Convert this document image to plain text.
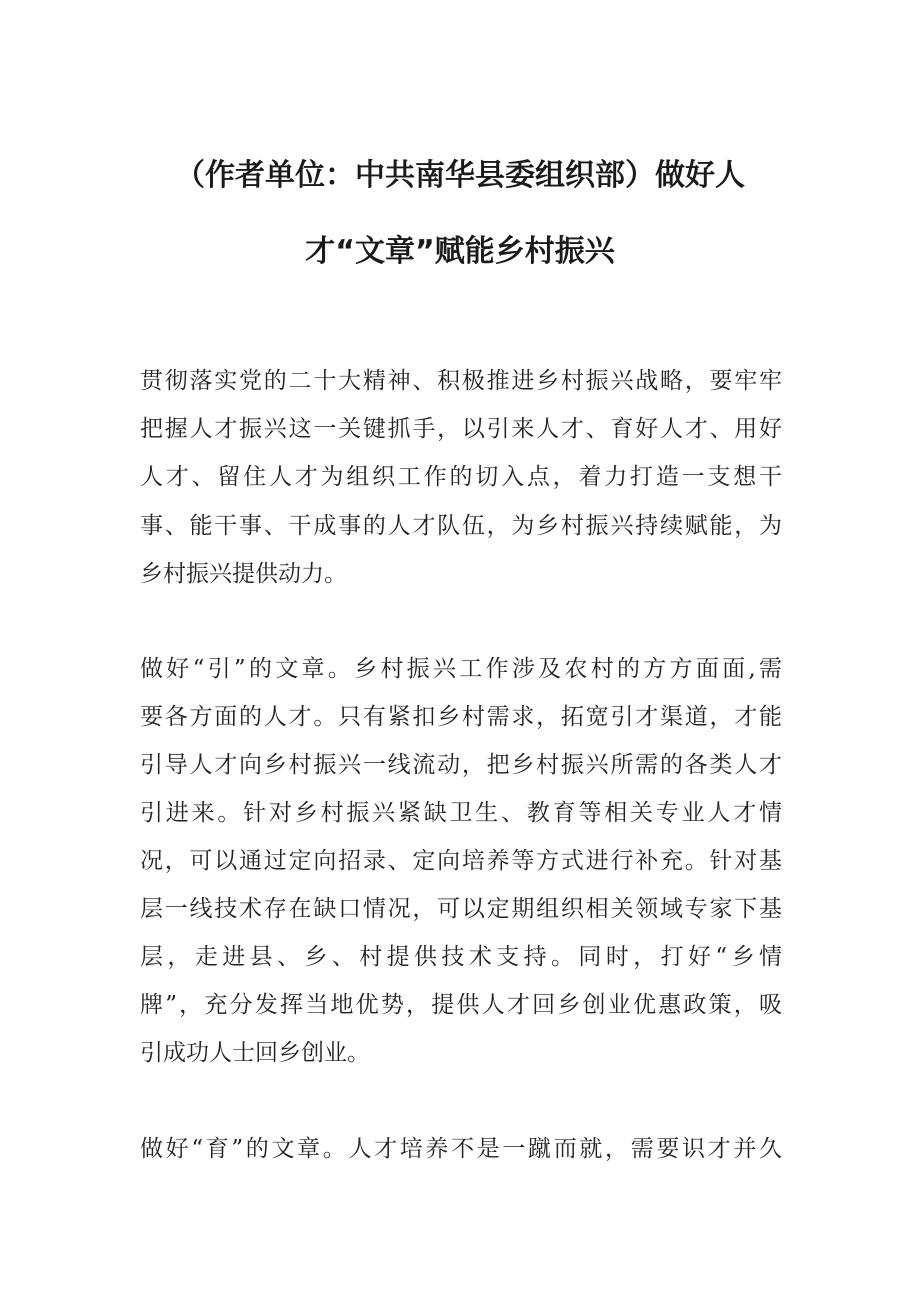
（作者单位：中共南华县委组织部）做好人
才“文章”赋能乡村振兴
贯彻落实党的二十大精神、积极推进乡村振兴战略，要牢牢
把握人才振兴这一关键抓手，以引来人才、育好人才、用好
人才、留住人才为组织工作的切入点，着力打造一支想干
事、能干事、干成事的人才队伍，为乡村振兴持续赋能，为
乡村振兴提供动力。
做好“引”的文章。乡村振兴工作涉及农村的方方面面,需
要各方面的人才。只有紧扣乡村需求，拓宽引才渠道，才能
引导人才向乡村振兴一线流动，把乡村振兴所需的各类人才
引进来。针对乡村振兴紧缺卫生、教育等相关专业人才情
况，可以通过定向招录、定向培养等方式进行补充。针对基
层一线技术存在缺口情况，可以定期组织相关领域专家下基
层，走进县、乡、村提供技术支持。同时，打好“乡情
牌”，充分发挥当地优势，提供人才回乡创业优惠政策，吸
引成功人士回乡创业。
做好“育”的文章。人才培养不是一蹴而就，需要识才并久
